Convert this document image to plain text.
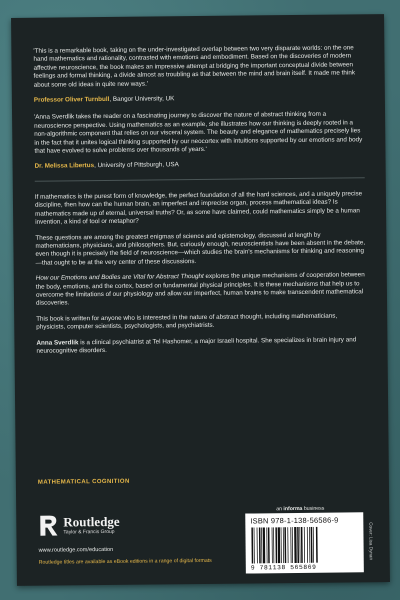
'This is a remarkable book, taking on the under-investigated overlap between two very disparate worlds: on the one hand mathematics and rationality, contrasted with emotions and embodiment. Based on the discoveries of modern affective neuroscience, the book makes an impressive attempt at bridging the important conceptual divide between feelings and formal thinking, a divide almost as troubling as that between the mind and brain itself. It made me think about some old ideas in quite new ways.'

Professor Oliver Turnbull, Bangor University, UK

'Anna Sverdlik takes the reader on a fascinating journey to discover the nature of abstract thinking from a neuroscience perspective. Using mathematics as an example, she illustrates how our thinking is deeply rooted in a non-algorithmic component that relies on our visceral system. The beauty and elegance of mathematics precisely lies in the fact that it unites logical thinking supported by our neocortex with intuitions supported by our emotions and body that have evolved to solve problems over thousands of years.'

Dr. Melissa Libertus, University of Pittsburgh, USA

If mathematics is the purest form of knowledge, the perfect foundation of all the hard sciences, and a uniquely precise discipline, then how can the human brain, an imperfect and imprecise organ, process mathematical ideas? Is mathematics made up of eternal, universal truths? Or, as some have claimed, could mathematics simply be a human invention, a kind of tool or metaphor?

These questions are among the greatest enigmas of science and epistemology, discussed at length by mathematicians, physicians, and philosophers. But, curiously enough, neuroscientists have been absent in the debate, even though it is precisely the field of neuroscience—which studies the brain's mechanisms for thinking and reasoning—that ought to be at the very center of these discussions.

How our Emotions and Bodies are Vital for Abstract Thought explores the unique mechanisms of cooperation between the body, emotions, and the cortex, based on fundamental physical principles. It is these mechanisms that help us to overcome the limitations of our physiology and allow our imperfect, human brains to make transcendent mathematical discoveries.

This book is written for anyone who is interested in the nature of abstract thought, including mathematicians, physicists, computer scientists, psychologists, and psychiatrists.

Anna Sverdlik is a clinical psychiatrist at Tel Hashomer, a major Israeli hospital. She specializes in brain injury and neurocognitive disorders.

MATHEMATICAL COGNITION
an informa business
Routledge
Taylor & Francis Group
www.routledge.com/education
Routledge titles are available as eBook editions in a range of digital formats
ISBN 978-1-138-56586-9
9 781138 565869
Cover: Lisa Dynan
